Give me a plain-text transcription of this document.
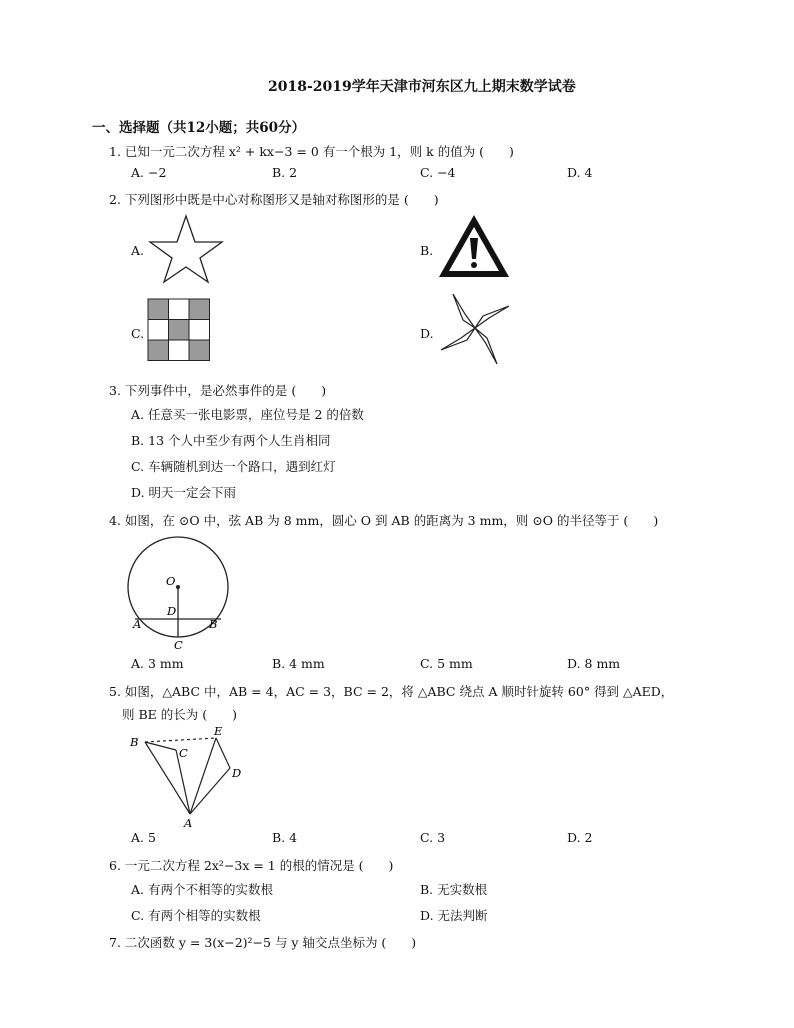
2018-2019学年天津市河东区九上期末数学试卷
一、选择题（共12小题；共60分）
1. 已知一元二次方程 x² + kx−3 = 0 有一个根为 1，则 k 的值为 (　　)
A. −2	B. 2	C. −4	D. 4
2. 下列图形中既是中心对称图形又是轴对称图形的是 (　　)
A.	B.
C.	D.
3. 下列事件中，是必然事件的是 (　　)
A. 任意买一张电影票，座位号是 2 的倍数
B. 13 个人中至少有两个人生肖相同
C. 车辆随机到达一个路口，遇到红灯
D. 明天一定会下雨
4. 如图，在 ⊙O 中，弦 AB 为 8 mm，圆心 O 到 AB 的距离为 3 mm，则 ⊙O 的半径等于 (　　)
O
D
A	B
C
A. 3 mm	B. 4 mm	C. 5 mm	D. 8 mm
5. 如图，△ABC 中，AB = 4，AC = 3，BC = 2，将 △ABC 绕点 A 顺时针旋转 60° 得到 △AED，
则 BE 的长为 (　　)
B
C
E
D
A
A. 5	B. 4	C. 3	D. 2
6. 一元二次方程 2x²−3x = 1 的根的情况是 (　　)
A. 有两个不相等的实数根	B. 无实数根
C. 有两个相等的实数根	D. 无法判断
7. 二次函数 y = 3(x−2)²−5 与 y 轴交点坐标为 (　　)
